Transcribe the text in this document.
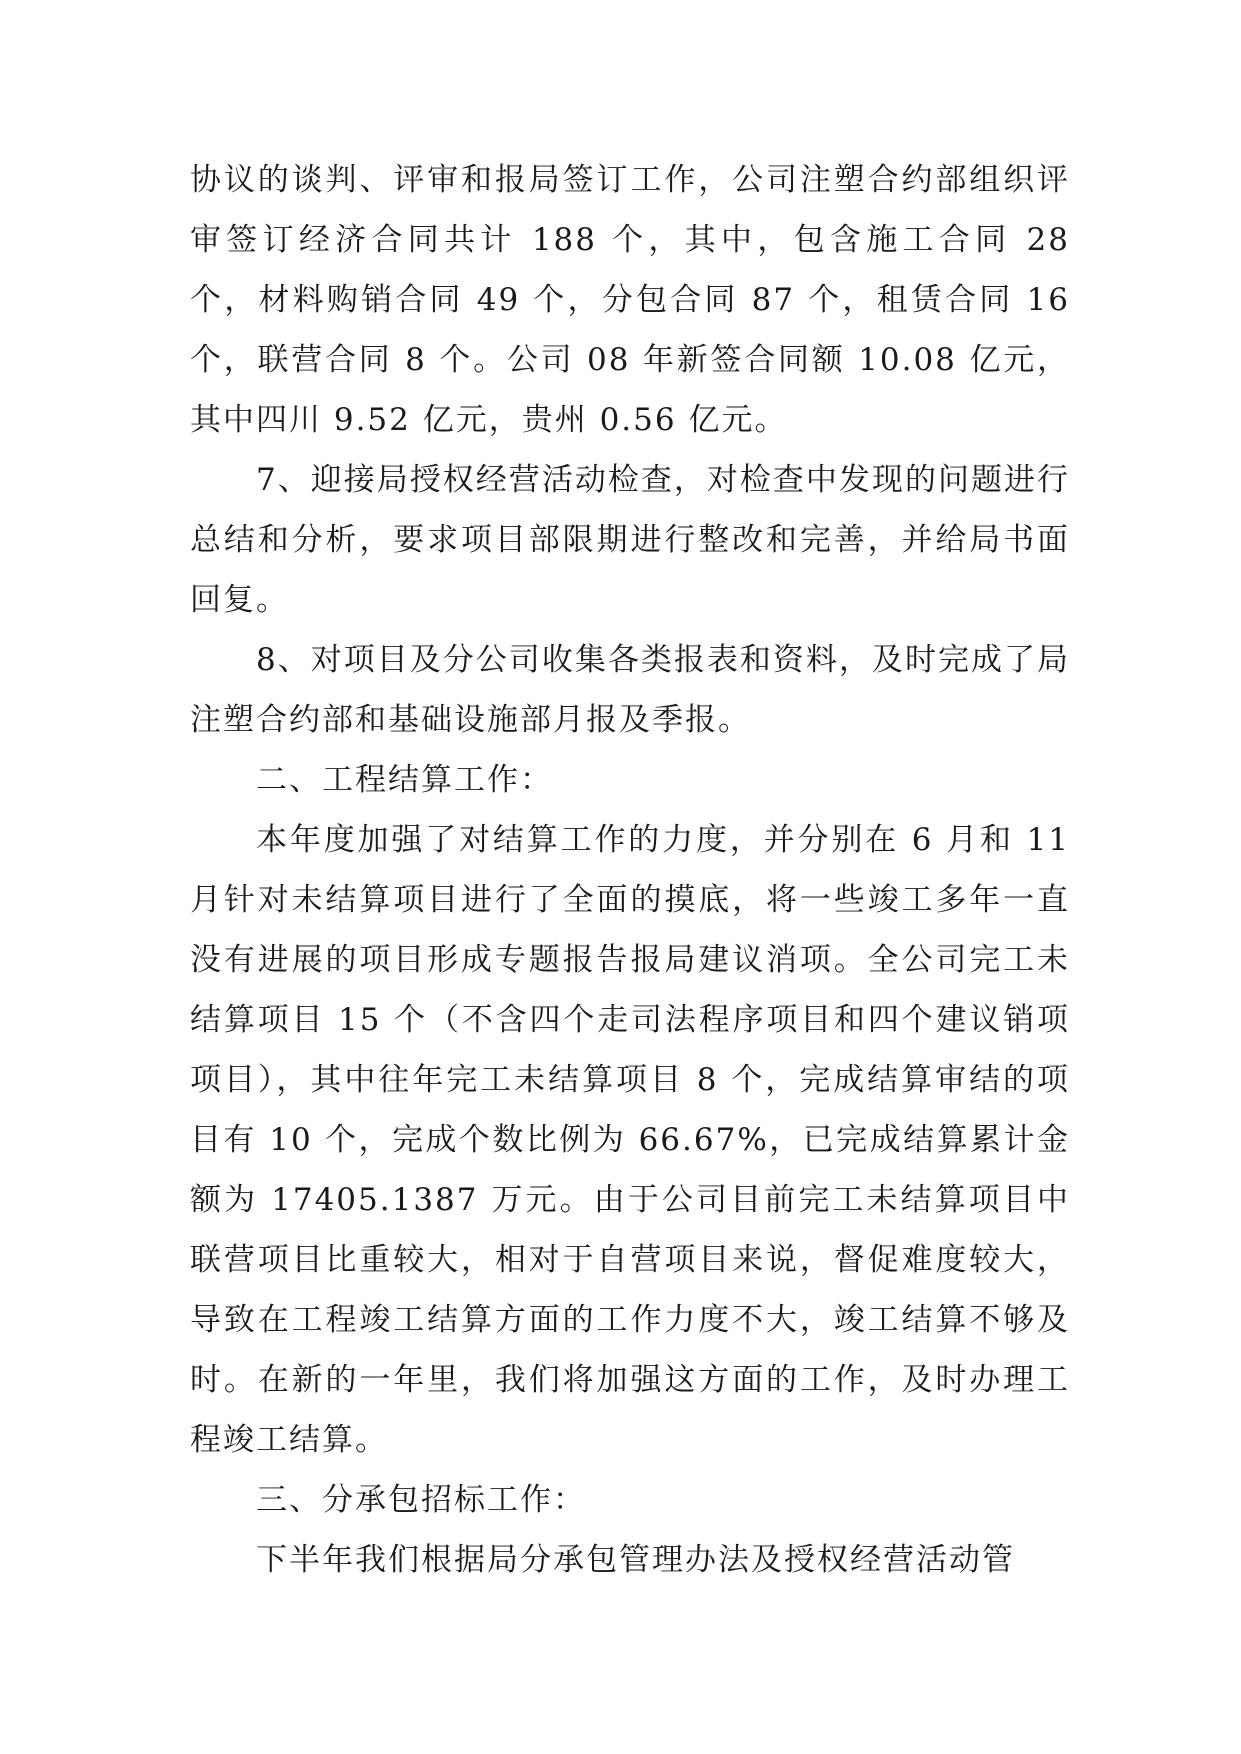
协议的谈判、评审和报局签订工作，公司注塑合约部组织评审签订经济合同共计 188 个，其中，包含施工合同 28 个，材料购销合同 49 个，分包合同 87 个，租赁合同 16 个，联营合同 8 个。公司 08 年新签合同额 10.08 亿元，其中四川 9.52 亿元，贵州 0.56 亿元。

7、迎接局授权经营活动检查，对检查中发现的问题进行总结和分析，要求项目部限期进行整改和完善，并给局书面回复。

8、对项目及分公司收集各类报表和资料，及时完成了局注塑合约部和基础设施部月报及季报。

二、工程结算工作：

本年度加强了对结算工作的力度，并分别在 6 月和 11 月针对未结算项目进行了全面的摸底，将一些竣工多年一直没有进展的项目形成专题报告报局建议消项。全公司完工未结算项目 15 个（不含四个走司法程序项目和四个建议销项项目），其中往年完工未结算项目 8 个，完成结算审结的项目有 10 个，完成个数比例为 66.67%，已完成结算累计金额为 17405.1387 万元。由于公司目前完工未结算项目中联营项目比重较大，相对于自营项目来说，督促难度较大，导致在工程竣工结算方面的工作力度不大，竣工结算不够及时。在新的一年里，我们将加强这方面的工作，及时办理工程竣工结算。

三、分承包招标工作：

下半年我们根据局分承包管理办法及授权经营活动管
